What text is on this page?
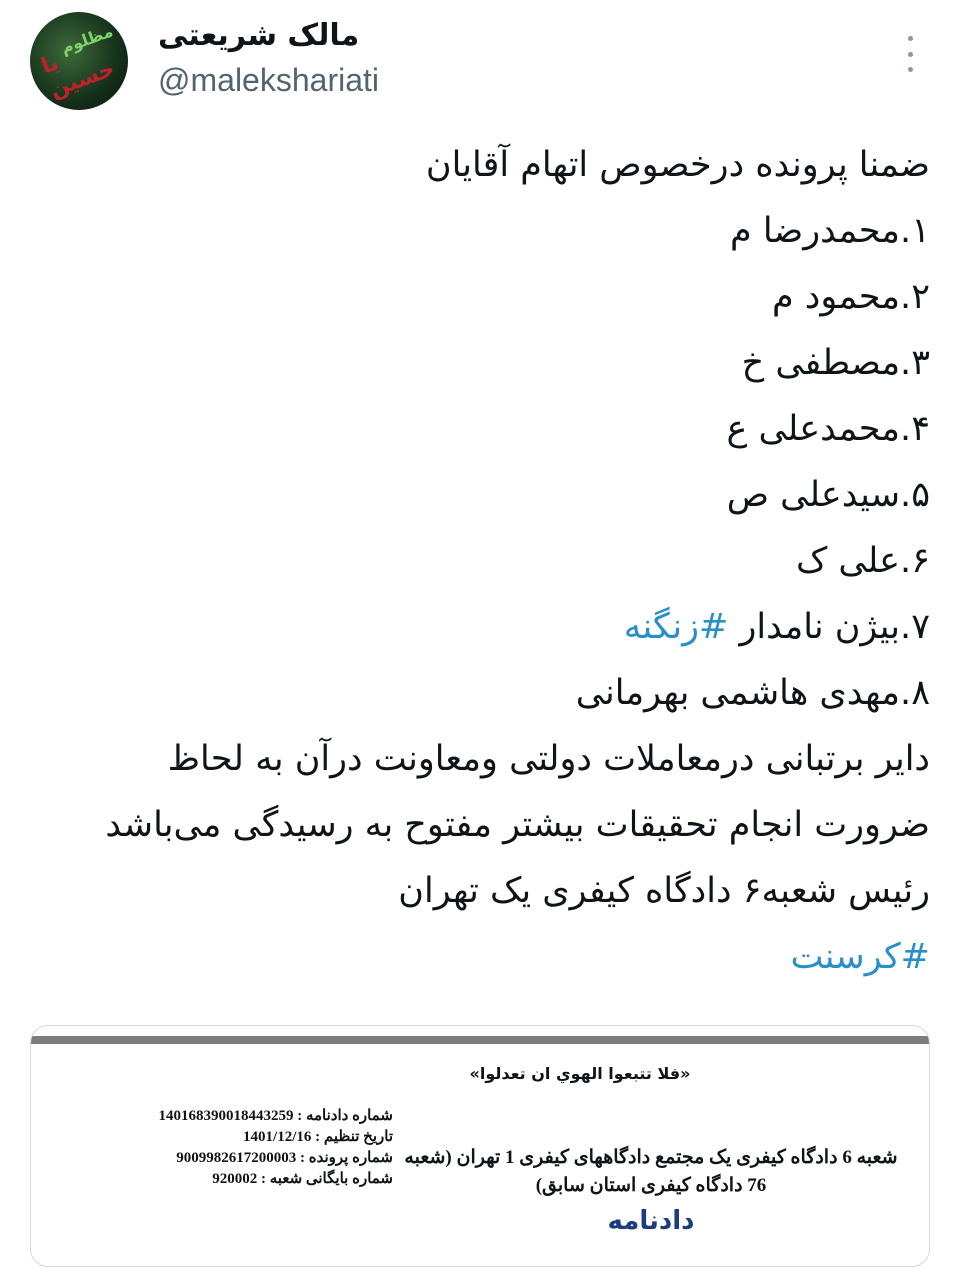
یا حسین
مظلوم مالک شریعتی
@malekshariati
ضمنا پرونده درخصوص اتهام آقایان
۱.محمدرضا م
۲.محمود م
۳.مصطفی خ
۴.محمدعلی ع
۵.سیدعلی ص
۶.علی ک
۷.بیژن نامدار #زنگنه
۸.مهدی هاشمی بهرمانی
دایر برتبانی درمعاملات دولتی ومعاونت درآن به لحاظ
ضرورت انجام تحقیقات بیشتر مفتوح به رسیدگی می‌باشد
رئیس شعبه۶ دادگاه کیفری یک تهران
#کرسنت
«فلا تتبعوا الهوي ان تعدلوا»
شماره دادنامه : 140168390018443259
تاریخ تنظیم : 1401/12/16
شماره پرونده : 9009982617200003
شماره بایگانی شعبه : 920002
شعبه 6 دادگاه کیفری یک مجتمع دادگاههای کیفری 1 تهران (شعبه
76 دادگاه کیفری استان سابق)
دادنامه
